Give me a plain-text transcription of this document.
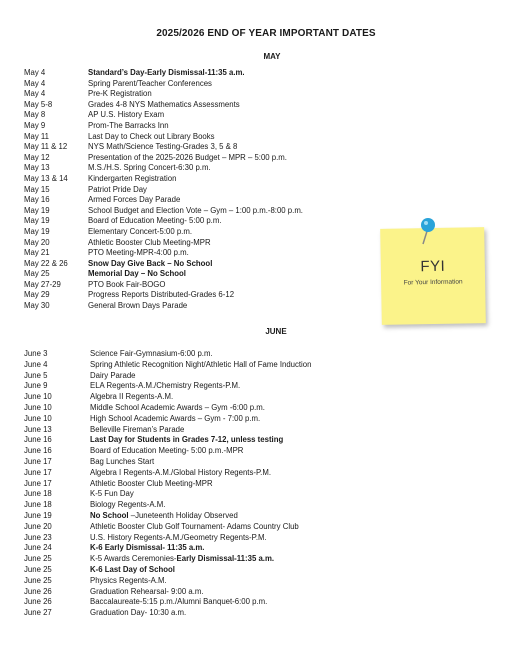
2025/2026 END OF YEAR IMPORTANT DATES
MAY
May 4	Standard’s Day-Early Dismissal-11:35 a.m.
May 4	Spring Parent/Teacher Conferences
May 4	Pre-K Registration
May 5-8	Grades 4-8 NYS Mathematics Assessments
May 8	AP U.S. History Exam
May 9	Prom-The Barracks Inn
May 11	Last Day to Check out Library Books
May 11 & 12	NYS Math/Science Testing-Grades 3, 5 & 8
May 12	Presentation of the 2025-2026 Budget – MPR – 5:00 p.m.
May 13	M.S./H.S. Spring Concert-6:30 p.m.
May 13 & 14	Kindergarten Registration
May 15	Patriot Pride Day
May 16	Armed Forces Day Parade
May 19	School Budget and Election Vote – Gym – 1:00 p.m.-8:00 p.m.
May 19	Board of Education Meeting- 5:00 p.m.
May 19	Elementary Concert-5:00 p.m.
May 20	Athletic Booster Club Meeting-MPR
May 21	PTO Meeting-MPR-4:00 p.m.
May 22 & 26	Snow Day Give Back – No School
May 25	Memorial Day – No School
May 27-29	PTO Book Fair-BOGO
May 29	Progress Reports Distributed-Grades 6-12
May 30	General Brown Days Parade
JUNE
June 3	Science Fair-Gymnasium-6:00 p.m.
June 4	Spring Athletic Recognition Night/Athletic Hall of Fame Induction
June 5	Dairy Parade
June 9	ELA Regents-A.M./Chemistry Regents-P.M.
June 10	Algebra II Regents-A.M.
June 10	Middle School Academic Awards – Gym -6:00 p.m.
June 10	High School Academic Awards – Gym - 7:00 p.m.
June 13	Belleville Fireman’s Parade
June 16	Last Day for Students in Grades 7-12, unless testing
June 16	Board of Education Meeting- 5:00 p.m.-MPR
June 17	Bag Lunches Start
June 17	Algebra I Regents-A.M./Global History Regents-P.M.
June 17	Athletic Booster Club Meeting-MPR
June 18	K-5 Fun Day
June 18	Biology Regents-A.M.
June 19	No School –Juneteenth Holiday Observed
June 20	Athletic Booster Club Golf Tournament- Adams Country Club
June 23	U.S. History Regents-A.M./Geometry Regents-P.M.
June 24	K-6 Early Dismissal- 11:35 a.m.
June 25	K-5 Awards Ceremonies-Early Dismissal-11:35 a.m.
June 25	K-6 Last Day of School
June 25	Physics Regents-A.M.
June 26	Graduation Rehearsal- 9:00 a.m.
June 26	Baccalaureate-5:15 p.m./Alumni Banquet-6:00 p.m.
June 27	Graduation Day- 10:30 a.m.
FYI
For Your Information
